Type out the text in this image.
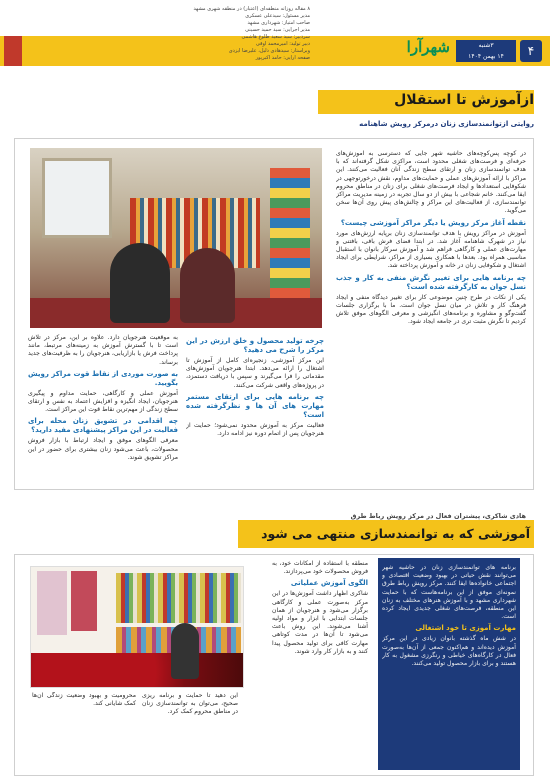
۴
۳شنبه
۱۴ بهمن ۱۴۰۴
شهرآرا
۸ مقاله روزانه منطقه‌ای (اعتبار) در منطقه شهری مشهد
مدیر مسئول: سیدعلی عسکری
صاحب امتیاز: شهرداری مشهد
مدیر اجرایی: سید حمید حسینی
سردبیر: سید سعید طلوع هاشمی
دبیر تولید: امیرمحمد اوقی
ویراستار: سیدهادی دلیل، علیرضا ایزدی
صفحه آرایی: حامد اکبرپور
ازآموزش تا استقلال
روایتی ازتوانمندسازی زنان درمرکز رویش شاهنامه

در کوچه پس‌کوچه‌های حاشیه شهر جایی که دسترسی به آموزش‌های حرفه‌ای و فرصت‌های شغلی محدود است، مراکزی شکل گرفته‌اند که با هدف توانمندسازی زنان و ارتقای سطح زندگی آنان فعالیت می‌کنند. این مراکز با ارائه آموزش‌های عملی و حمایت‌های مداوم، نقش درخورتوجهی در شکوفایی استعدادها و ایجاد فرصت‌های شغلی برای زنان در مناطق محروم ایفا می‌کنند. خانم شجاعی با بیش از دو سال تجربه در زمینه مدیریت مراکز توانمندسازی، از فعالیت‌های این مراکز و چالش‌های پیش روی آن‌ها سخن می‌گوید.

نقطه آغاز مرکز رویش یا دیگر مراکز آموزشی چیست؟

آموزش در مراکز رویش با هدف توانمندسازی زنان برپایه ارزش‌های مورد نیاز در شهرک شاهنامه آغاز شد. در ابتدا فضای فرش بافی، بافتنی و مهارت‌های عملی و کارگاهی فراهم شد و آموزش سرکار بانوان با استقبال مناسبی همراه بود. بعدها با همکاری بسیاری از مراکز، شرایطی برای ایجاد اشتغال و شکوفایی زنان در خانه و آموزش پرداخته شد.

چه برنامه هایی برای تغییر نگرش منفی به کار و جذب نسل جوان به کارگرفته شده است؟

یکی از نکات در طرح چنین موضوعی کار برای تغییر دیدگاه منفی و ایجاد فرهنگ کار و تلاش در میان نسل جوان است. ما با برگزاری جلسات گفت‌وگو و مشاوره و برنامه‌های انگیزشی و معرفی الگوهای موفق تلاش کردیم تا نگرش مثبت تری در جامعه ایجاد شود.

چرخه تولید محصول و خلق ارزش در این مرکز را شرح می دهید؟

این مرکز آموزشی، زنجیره‌ای کامل از آموزش تا اشتغال را ارائه می‌دهد. ابتدا هنرجویان آموزش‌های مقدماتی را فرا می‌گیرند و سپس با دریافت دستمزد، در پروژه‌های واقعی شرکت می‌کنند.

چه برنامه هایی برای ارتقای مستمر مهارت های آن ها و نظرگرفته شده است؟

فعالیت مرکز به آموزش محدود نمی‌شود؛ حمایت از هنرجویان پس از اتمام دوره نیز ادامه دارد.

به موقعیت هنرجویان دارد. علاوه بر این، مرکز در تلاش است تا با گسترش آموزش به زمینه‌های مرتبط، مانند پرداخت فرش یا بازاریابی، هنرجویان را به ظرفیت‌های جدید برساند.

به صورت موردی از نقاط قوت مراکز رویش بگویید.

آموزش عملی و کارگاهی، حمایت مداوم و پیگیری هنرجویان، ایجاد انگیزه و افزایش اعتماد به نفس و ارتقای سطح زندگی از مهم‌ترین نقاط قوت این مراکز است.

چه اقدامی در تشویق زنان محله برای فعالیت در این مراکز پیشنهادی مفید دارید؟

معرفی الگوهای موفق و ایجاد ارتباط با بازار فروش محصولات، باعث می‌شود زنان بیشتری برای حضور در این مراکز تشویق شوند.

هادی شاکری، پیشتران فعال در مرکز رویش رباط طرق
آموزشی که به توانمندسازی منتهی می شود

برنامه های توانمندسازی زنان در حاشیه شهر می‌توانند نقش حیاتی در بهبود وضعیت اقتصادی و اجتماعی خانواده‌ها ایفا کنند. مرکز رویش رباط طرق نمونه‌ای موفق از این برنامه‌هاست که با حمایت شهرداری مشهد و با آموزش هنرهای مختلف به زنان این منطقه، فرصت‌های شغلی جدیدی ایجاد کرده است.

مهارت آموزی تا خود اشتغالی

در شش ماه گذشته بانوان زیادی در این مرکز آموزش دیده‌اند و هم‌اکنون جمعی از آن‌ها به‌صورت فعال در کارگاه‌های خیاطی و رنگرزی مشغول به کار هستند و برای بازار محصول تولید می‌کنند.

منطقه با استفاده از امکانات خود، به فروش محصولات خود می‌پردازند.

الگوی آموزش عملیاتی

شاکری اظهار داشت آموزش‌ها در این مرکز به‌صورت عملی و کارگاهی برگزار می‌شود و هنرجویان از همان جلسات ابتدایی با ابزار و مواد اولیه آشنا می‌شوند. این روش باعث می‌شود تا آن‌ها در مدت کوتاهی مهارت کافی برای تولید محصول پیدا کنند و به بازار کار وارد شوند.

این دهید تا حمایت و برنامه ریزی صحیح، می‌توان به توانمندسازی زنان در مناطق محروم کمک کرد.
محرومیت و بهبود وضعیت زندگی آن‌ها کمک شایانی کند.
